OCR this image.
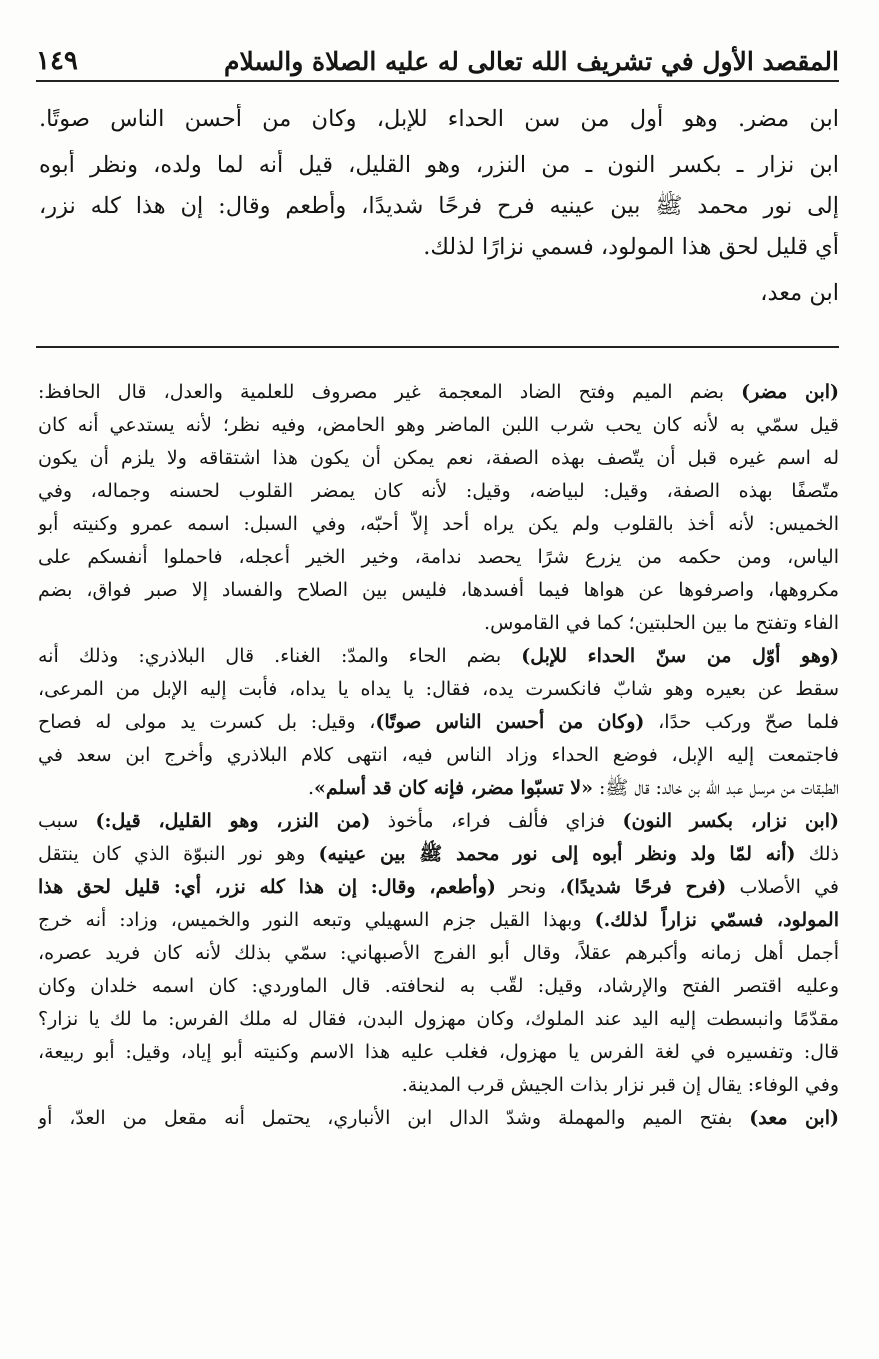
المقصد الأول في تشريف الله تعالى له عليه الصلاة والسلام
١٤٩
ابن مضر. وهو أول من سن الحداء للإبل، وكان من أحسن الناس صوتًا.
ابن نزار ـ بكسر النون ـ من النزر، وهو القليل، قيل أنه لما ولده، ونظر أبوه
إلى نور محمد ﷺ بين عينيه فرح فرحًا شديدًا، وأطعم وقال: إن هذا كله نزر،
أي قليل لحق هذا المولود، فسمي نزارًا لذلك.
ابن معد،
(ابن مضر) بضم الميم وفتح الضاد المعجمة غير مصروف للعلمية والعدل، قال الحافظ:
قيل سمّي به لأنه كان يحب شرب اللبن الماضر وهو الحامض، وفيه نظر؛ لأنه يستدعي أنه كان
له اسم غيره قبل أن يتّصف بهذه الصفة، نعم يمكن أن يكون هذا اشتقاقه ولا يلزم أن يكون
متّصفًا بهذه الصفة، وقيل: لبياضه، وقيل: لأنه كان يمضر القلوب لحسنه وجماله، وفي
الخميس: لأنه أخذ بالقلوب ولم يكن يراه أحد إلاَّ أحبّه، وفي السبل: اسمه عمرو وكنيته أبو
الياس، ومن حكمه من يزرع شرًا يحصد ندامة، وخير الخير أعجله، فاحملوا أنفسكم على
مكروهها، واصرفوها عن هواها فيما أفسدها، فليس بين الصلاح والفساد إلا صبر فواق، بضم
الفاء وتفتح ما بين الحلبتين؛ كما في القاموس.
(وهو أوّل من سنّ الحداء للإبل) بضم الحاء والمدّ: الغناء. قال البلاذري: وذلك أنه
سقط عن بعيره وهو شابّ فانكسرت يده، فقال: يا يداه يا يداه، فأبت إليه الإبل من المرعى،
فلما صحّ وركب حدًا، (وكان من أحسن الناس صوتًا)، وقيل: بل كسرت يد مولى له فصاح
فاجتمعت إليه الإبل، فوضع الحداء وزاد الناس فيه، انتهى كلام البلاذري وأخرج ابن سعد في
الطبقات من مرسل عبد الله بن خالد: قال ﷺ: «لا تسبّوا مضر، فإنه كان قد أسلم».
(ابن نزار، بكسر النون) فزاي فألف فراء، مأخوذ (من النزر، وهو القليل، قيل:) سبب
ذلك (أنه لمّا ولد ونظر أبوه إلى نور محمد ﷺ بين عينيه) وهو نور النبوّة الذي كان ينتقل
في الأصلاب (فرح فرحًا شديدًا)، ونحر (وأطعم، وقال: إن هذا كله نزر، أي: قليل لحق هذا
المولود، فسمّي نزاراً لذلك.) وبهذا القيل جزم السهيلي وتبعه النور والخميس، وزاد: أنه خرج
أجمل أهل زمانه وأكبرهم عقلاً، وقال أبو الفرج الأصبهاني: سمّي بذلك لأنه كان فريد عصره،
وعليه اقتصر الفتح والإرشاد، وقيل: لقّب به لنحافته. قال الماوردي: كان اسمه خلدان وكان
مقدّمًا وانبسطت إليه اليد عند الملوك، وكان مهزول البدن، فقال له ملك الفرس: ما لك يا نزار؟
قال: وتفسيره في لغة الفرس يا مهزول، فغلب عليه هذا الاسم وكنيته أبو إياد، وقيل: أبو ربيعة،
وفي الوفاء: يقال إن قبر نزار بذات الجيش قرب المدينة.
(ابن معد) بفتح الميم والمهملة وشدّ الدال ابن الأنباري، يحتمل أنه مقعل من العدّ، أو
